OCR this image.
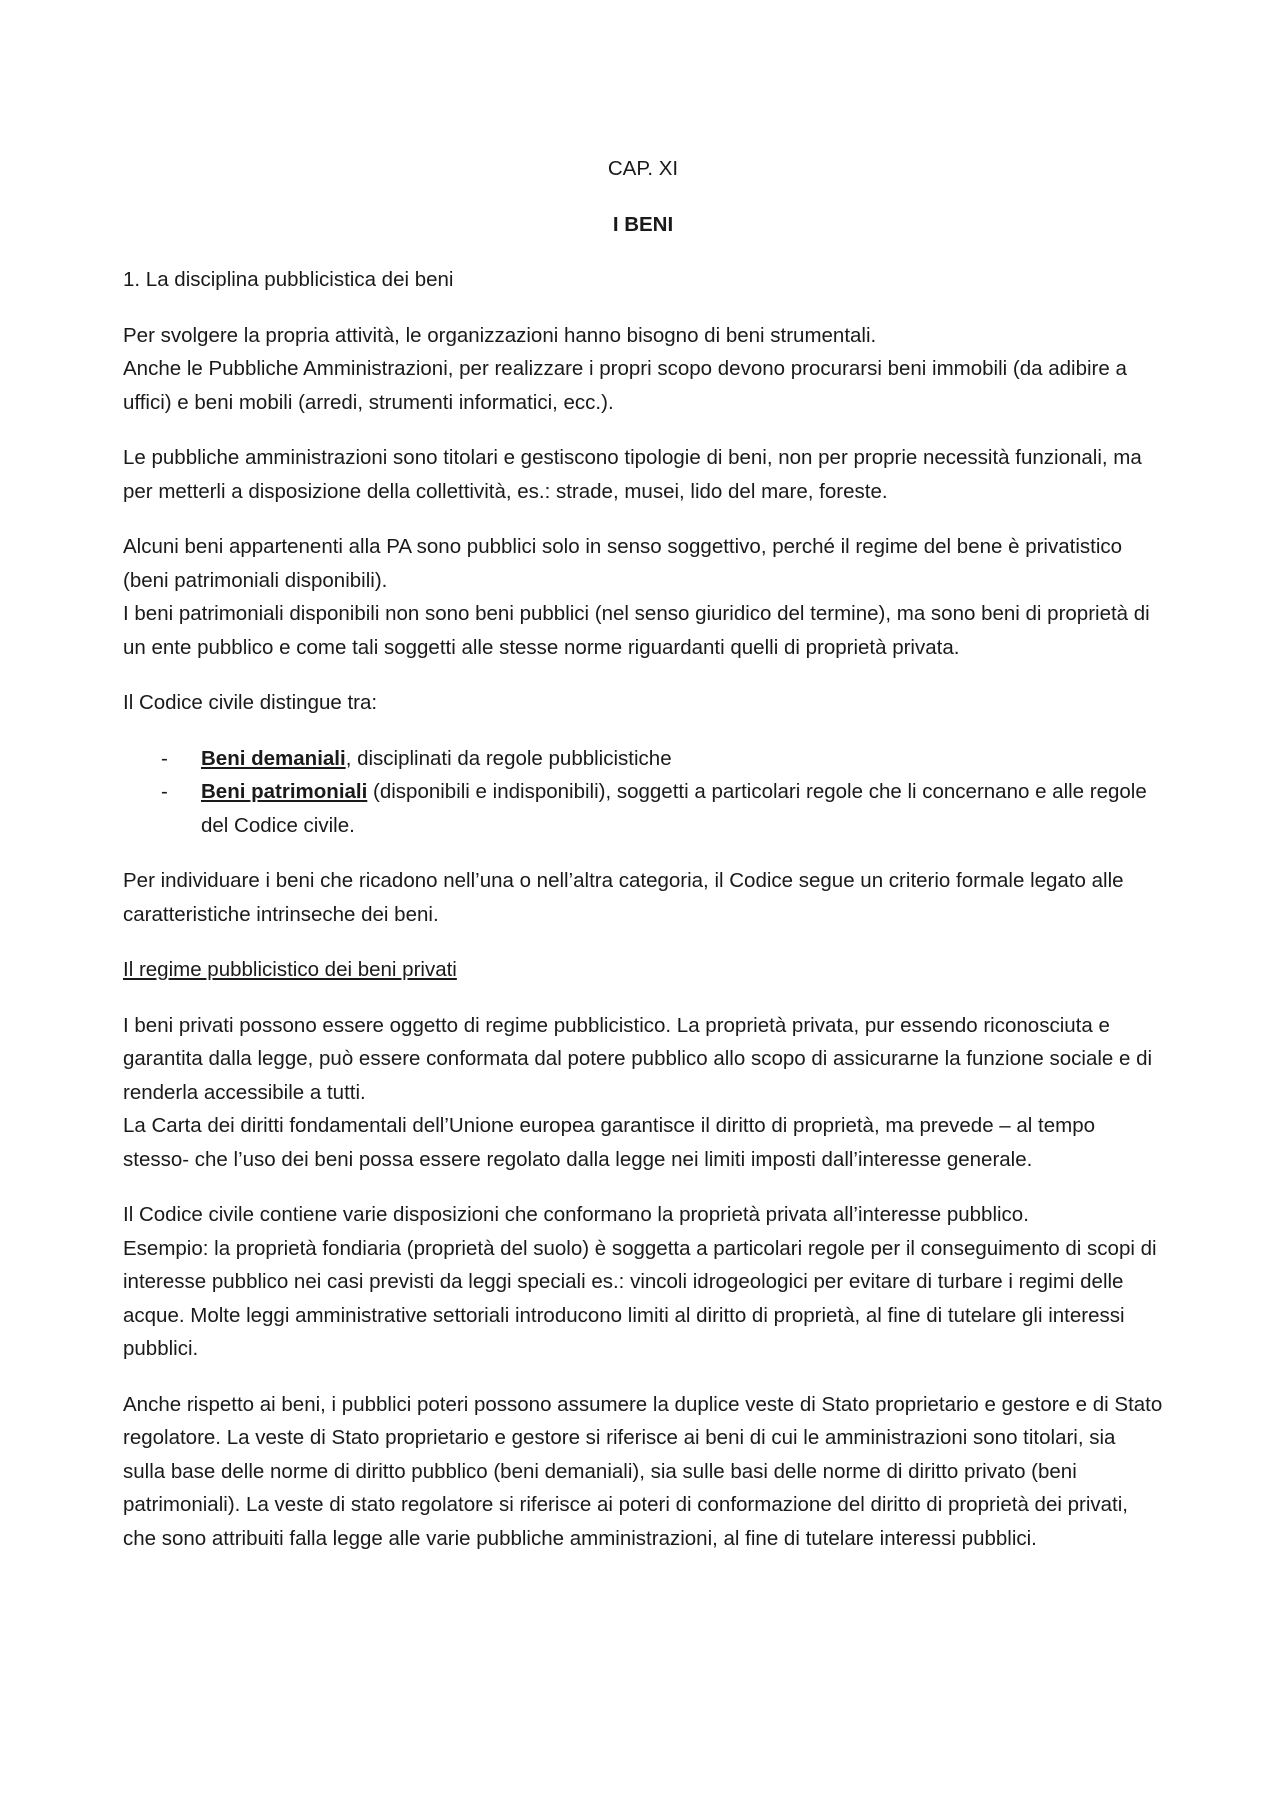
CAP. XI
I BENI
1. La disciplina pubblicistica dei beni

Per svolgere la propria attività, le organizzazioni hanno bisogno di beni strumentali.
Anche le Pubbliche Amministrazioni, per realizzare i propri scopo devono procurarsi beni immobili (da adibire a uffici) e beni mobili (arredi, strumenti informatici, ecc.).

Le pubbliche amministrazioni sono titolari e gestiscono tipologie di beni, non per proprie necessità funzionali, ma per metterli a disposizione della collettività, es.: strade, musei, lido del mare, foreste.

Alcuni beni appartenenti alla PA sono pubblici solo in senso soggettivo, perché il regime del bene è privatistico (beni patrimoniali disponibili).
I beni patrimoniali disponibili non sono beni pubblici (nel senso giuridico del termine), ma sono beni di proprietà di un ente pubblico e come tali soggetti alle stesse norme riguardanti quelli di proprietà privata.

Il Codice civile distingue tra:

- Beni demaniali, disciplinati da regole pubblicistiche
- Beni patrimoniali (disponibili e indisponibili), soggetti a particolari regole che li concernano e alle regole del Codice civile.

Per individuare i beni che ricadono nell’una o nell’altra categoria, il Codice segue un criterio formale legato alle caratteristiche intrinseche dei beni.

Il regime pubblicistico dei beni privati

I beni privati possono essere oggetto di regime pubblicistico. La proprietà privata, pur essendo riconosciuta e garantita dalla legge, può essere conformata dal potere pubblico allo scopo di assicurarne la funzione sociale e di renderla accessibile a tutti.
La Carta dei diritti fondamentali dell’Unione europea garantisce il diritto di proprietà, ma prevede – al tempo stesso- che l’uso dei beni possa essere regolato dalla legge nei limiti imposti dall’interesse generale.

Il Codice civile contiene varie disposizioni che conformano la proprietà privata all’interesse pubblico.
Esempio: la proprietà fondiaria (proprietà del suolo) è soggetta a particolari regole per il conseguimento di scopi di interesse pubblico nei casi previsti da leggi speciali es.: vincoli idrogeologici per evitare di turbare i regimi delle acque. Molte leggi amministrative settoriali introducono limiti al diritto di proprietà, al fine di tutelare gli interessi pubblici.

Anche rispetto ai beni, i pubblici poteri possono assumere la duplice veste di Stato proprietario e gestore e di Stato regolatore. La veste di Stato proprietario e gestore si riferisce ai beni di cui le amministrazioni sono titolari, sia sulla base delle norme di diritto pubblico (beni demaniali), sia sulle basi delle norme di diritto privato (beni patrimoniali). La veste di stato regolatore si riferisce ai poteri di conformazione del diritto di proprietà dei privati, che sono attribuiti falla legge alle varie pubbliche amministrazioni, al fine di tutelare interessi pubblici.
